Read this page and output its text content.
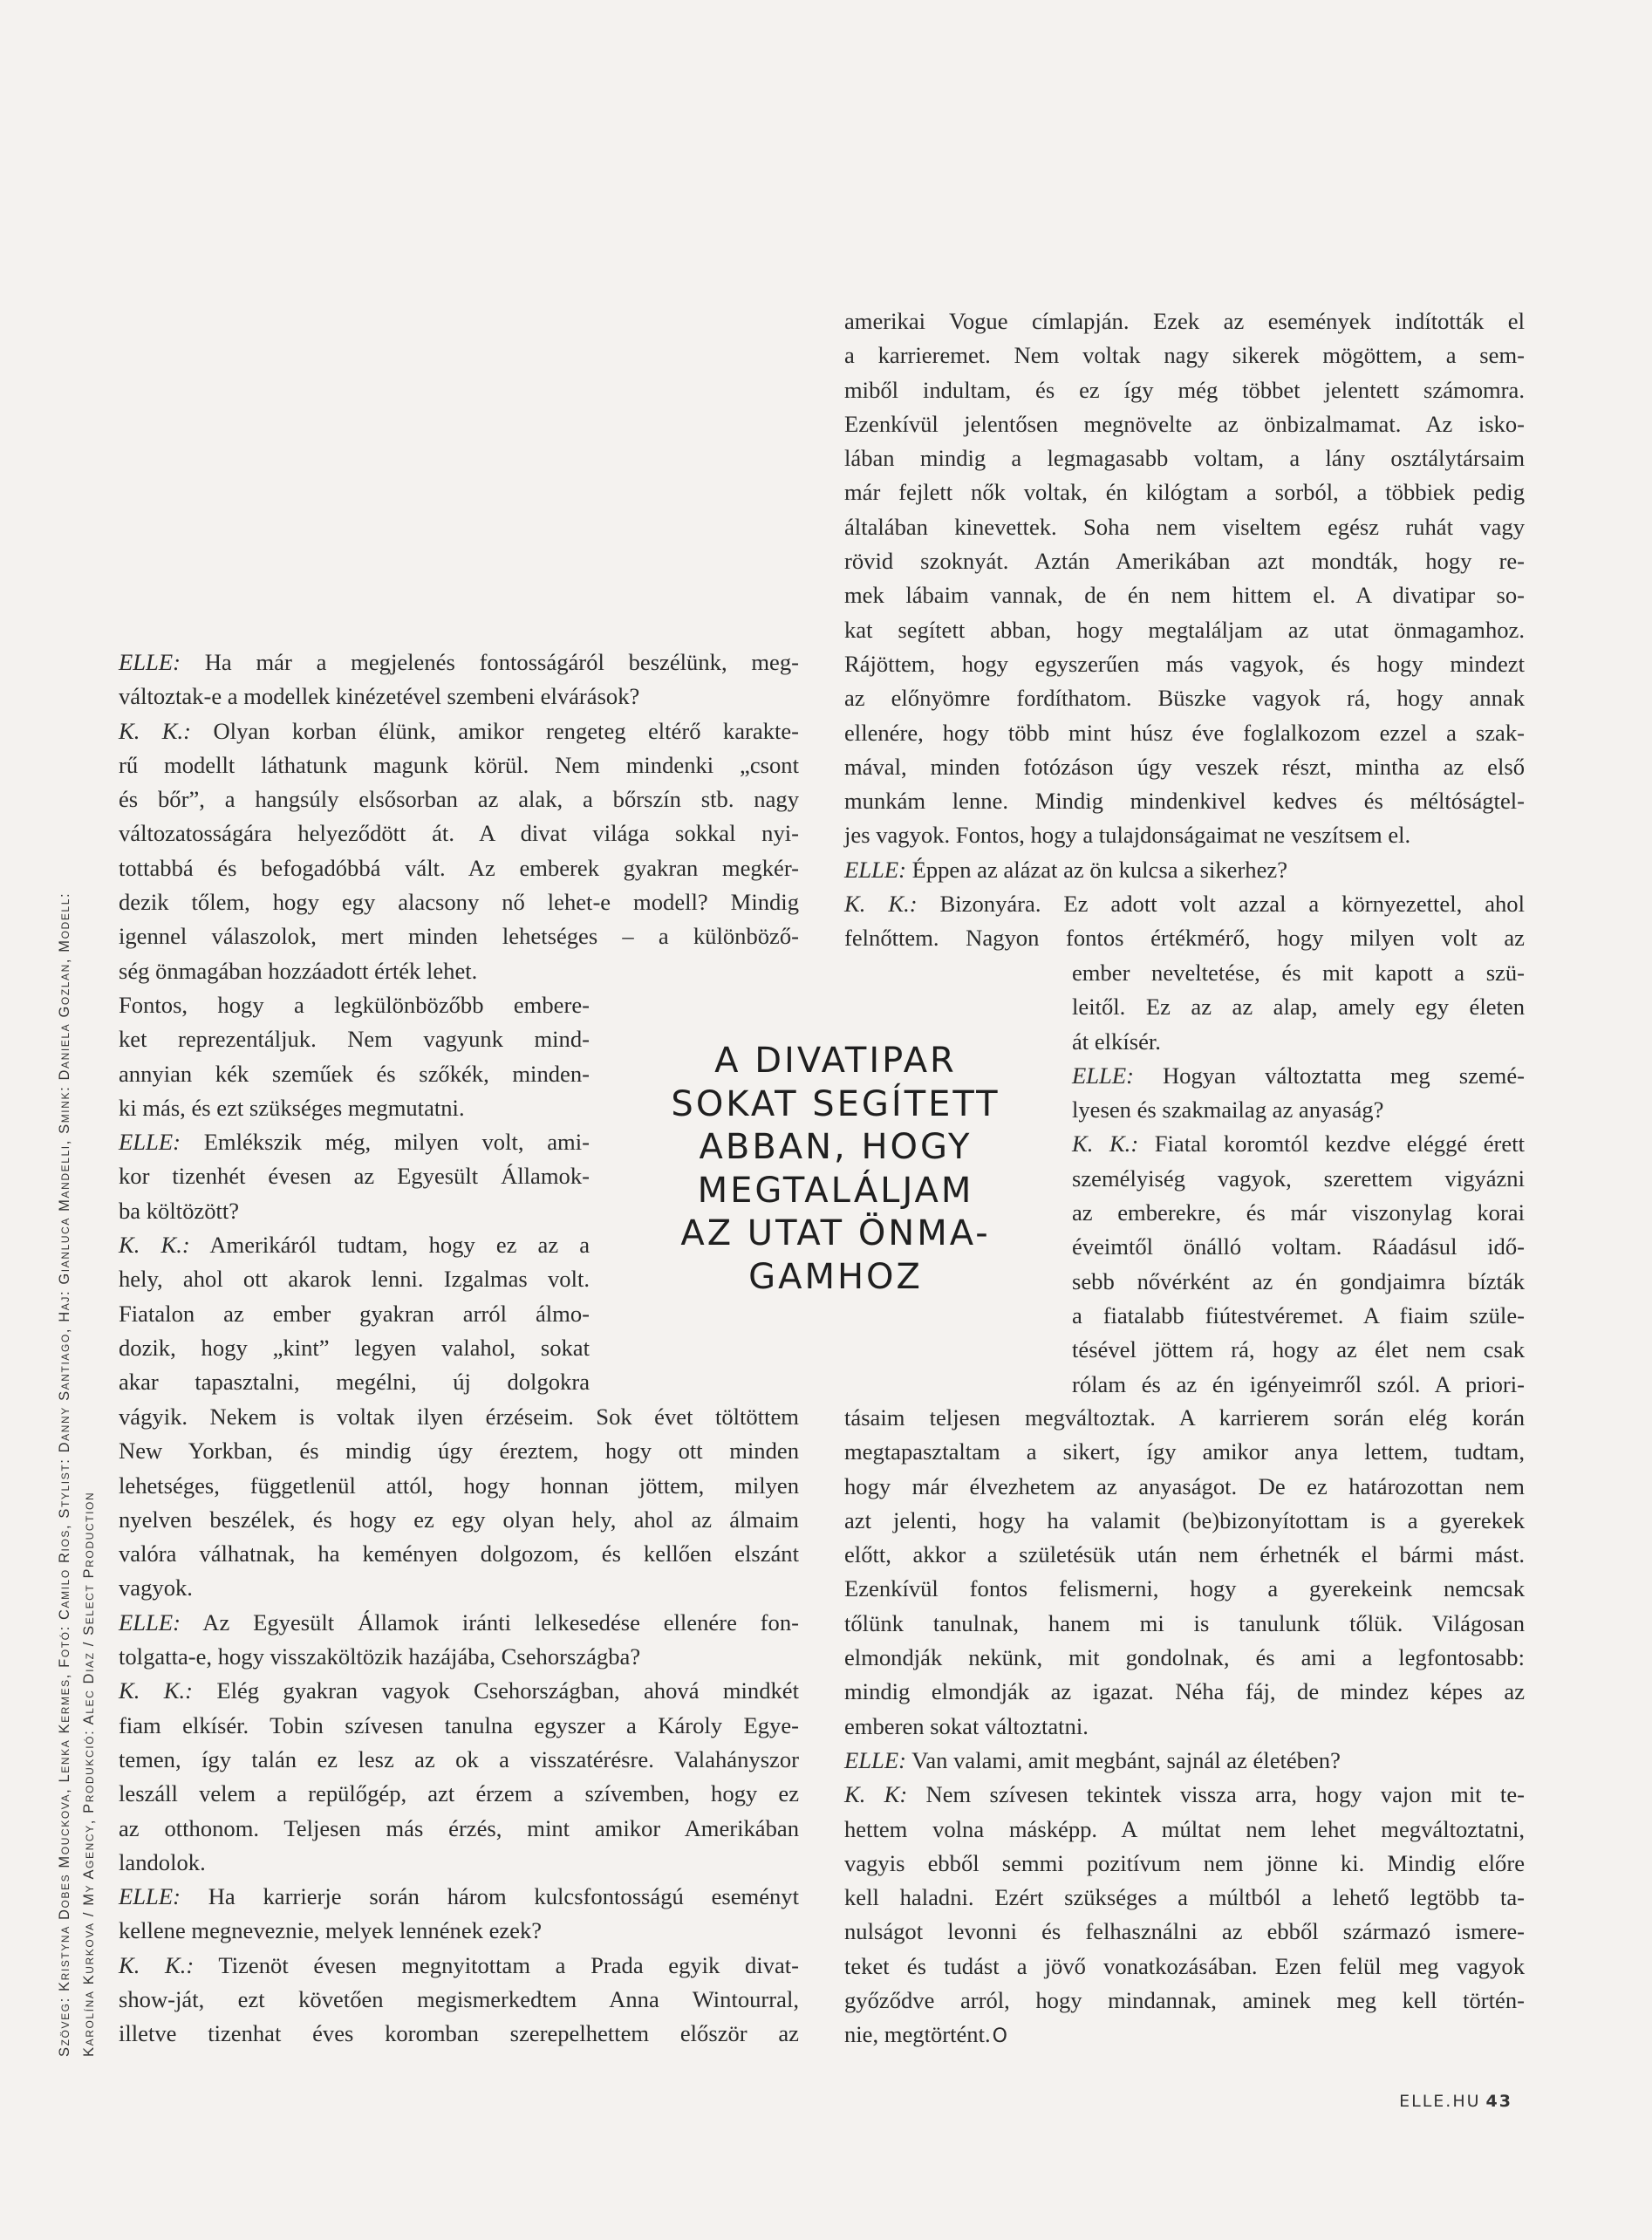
Szöveg: Kristyna Dobes Mouckova, Lenka Kermes, Fotó: Camilo Rios, Stylist: Danny Santiago, Haj: Gianluca Mandelli, Smink: Daniela Gozlan, Modell: Karolína Kurkova / My Agency, Produkció: Alec Diaz / Select Production

ELLE: Ha már a megjelenés fontosságáról beszélünk, meg-

változtak-e a modellek kinézetével szembeni elvárások?

K. K.: Olyan korban élünk, amikor rengeteg eltérő karakte-

rű modellt láthatunk magunk körül. Nem mindenki „csont

és bőr”, a hangsúly elsősorban az alak, a bőrszín stb. nagy

változatosságára helyeződött át. A divat világa sokkal nyi-

tottabbá és befogadóbbá vált. Az emberek gyakran megkér-

dezik tőlem, hogy egy alacsony nő lehet-e modell? Mindig

igennel válaszolok, mert minden lehetséges – a különböző-

ség önmagában hozzáadott érték lehet.

Fontos, hogy a legkülönbözőbb embere-

ket reprezentáljuk. Nem vagyunk mind-

annyian kék szeműek és szőkék, minden-

ki más, és ezt szükséges megmutatni.

ELLE: Emlékszik még, milyen volt, ami-

kor tizenhét évesen az Egyesült Államok-

ba költözött?

K. K.: Amerikáról tudtam, hogy ez az a

hely, ahol ott akarok lenni. Izgalmas volt.

Fiatalon az ember gyakran arról álmo-

dozik, hogy „kint” legyen valahol, sokat

akar tapasztalni, megélni, új dolgokra

vágyik. Nekem is voltak ilyen érzéseim. Sok évet töltöttem

New Yorkban, és mindig úgy éreztem, hogy ott minden

lehetséges, függetlenül attól, hogy honnan jöttem, milyen

nyelven beszélek, és hogy ez egy olyan hely, ahol az álmaim

valóra válhatnak, ha keményen dolgozom, és kellően elszánt

vagyok.

ELLE: Az Egyesült Államok iránti lelkesedése ellenére fon-

tolgatta-e, hogy visszaköltözik hazájába, Csehországba?

K. K.: Elég gyakran vagyok Csehországban, ahová mindkét

fiam elkísér. Tobin szívesen tanulna egyszer a Károly Egye-

temen, így talán ez lesz az ok a visszatérésre. Valahányszor

leszáll velem a repülőgép, azt érzem a szívemben, hogy ez

az otthonom. Teljesen más érzés, mint amikor Amerikában

landolok.

ELLE: Ha karrierje során három kulcsfontosságú eseményt

kellene megneveznie, melyek lennének ezek?

K. K.: Tizenöt évesen megnyitottam a Prada egyik divat-

show-ját, ezt követően megismerkedtem Anna Wintourral,

illetve tizenhat éves koromban szerepelhettem először az

A DIVATIPAR
SOKAT SEGÍTETT
ABBAN, HOGY
MEGTALÁLJAM
AZ UTAT ÖNMA-
GAMHOZ

amerikai Vogue címlapján. Ezek az események indították el

a karrieremet. Nem voltak nagy sikerek mögöttem, a sem-

miből indultam, és ez így még többet jelentett számomra.

Ezenkívül jelentősen megnövelte az önbizalmamat. Az isko-

lában mindig a legmagasabb voltam, a lány osztálytársaim

már fejlett nők voltak, én kilógtam a sorból, a többiek pedig

általában kinevettek. Soha nem viseltem egész ruhát vagy

rövid szoknyát. Aztán Amerikában azt mondták, hogy re-

mek lábaim vannak, de én nem hittem el. A divatipar so-

kat segített abban, hogy megtaláljam az utat önmagamhoz.

Rájöttem, hogy egyszerűen más vagyok, és hogy mindezt

az előnyömre fordíthatom. Büszke vagyok rá, hogy annak

ellenére, hogy több mint húsz éve foglalkozom ezzel a szak-

mával, minden fotózáson úgy veszek részt, mintha az első

munkám lenne. Mindig mindenkivel kedves és méltóságtel-

jes vagyok. Fontos, hogy a tulajdonságaimat ne veszítsem el.

ELLE: Éppen az alázat az ön kulcsa a sikerhez?

K. K.: Bizonyára. Ez adott volt azzal a környezettel, ahol

felnőttem. Nagyon fontos értékmérő, hogy milyen volt az

ember neveltetése, és mit kapott a szü-

leitől. Ez az az alap, amely egy életen

át elkísér.

ELLE: Hogyan változtatta meg szemé-

lyesen és szakmailag az anyaság?

K. K.: Fiatal koromtól kezdve eléggé érett

személyiség vagyok, szerettem vigyázni

az emberekre, és már viszonylag korai

éveimtől önálló voltam. Ráadásul idő-

sebb nővérként az én gondjaimra bízták

a fiatalabb fiútestvéremet. A fiaim szüle-

tésével jöttem rá, hogy az élet nem csak

rólam és az én igényeimről szól. A priori-

tásaim teljesen megváltoztak. A karrierem során elég korán

megtapasztaltam a sikert, így amikor anya lettem, tudtam,

hogy már élvezhetem az anyaságot. De ez határozottan nem

azt jelenti, hogy ha valamit (be)bizonyítottam is a gyerekek

előtt, akkor a születésük után nem érhetnék el bármi mást.

Ezenkívül fontos felismerni, hogy a gyerekeink nemcsak

tőlünk tanulnak, hanem mi is tanulunk tőlük. Világosan

elmondják nekünk, mit gondolnak, és ami a legfontosabb:

mindig elmondják az igazat. Néha fáj, de mindez képes az

emberen sokat változtatni.

ELLE: Van valami, amit megbánt, sajnál az életében?

K. K: Nem szívesen tekintek vissza arra, hogy vajon mit te-

hettem volna másképp. A múltat nem lehet megváltoztatni,

vagyis ebből semmi pozitívum nem jönne ki. Mindig előre

kell haladni. Ezért szükséges a múltból a lehető legtöbb ta-

nulságot levonni és felhasználni az ebből származó ismere-

teket és tudást a jövő vonatkozásában. Ezen felül meg vagyok

győződve arról, hogy mindannak, aminek meg kell történ-

nie, megtörtént.O

ELLE.HU 43
